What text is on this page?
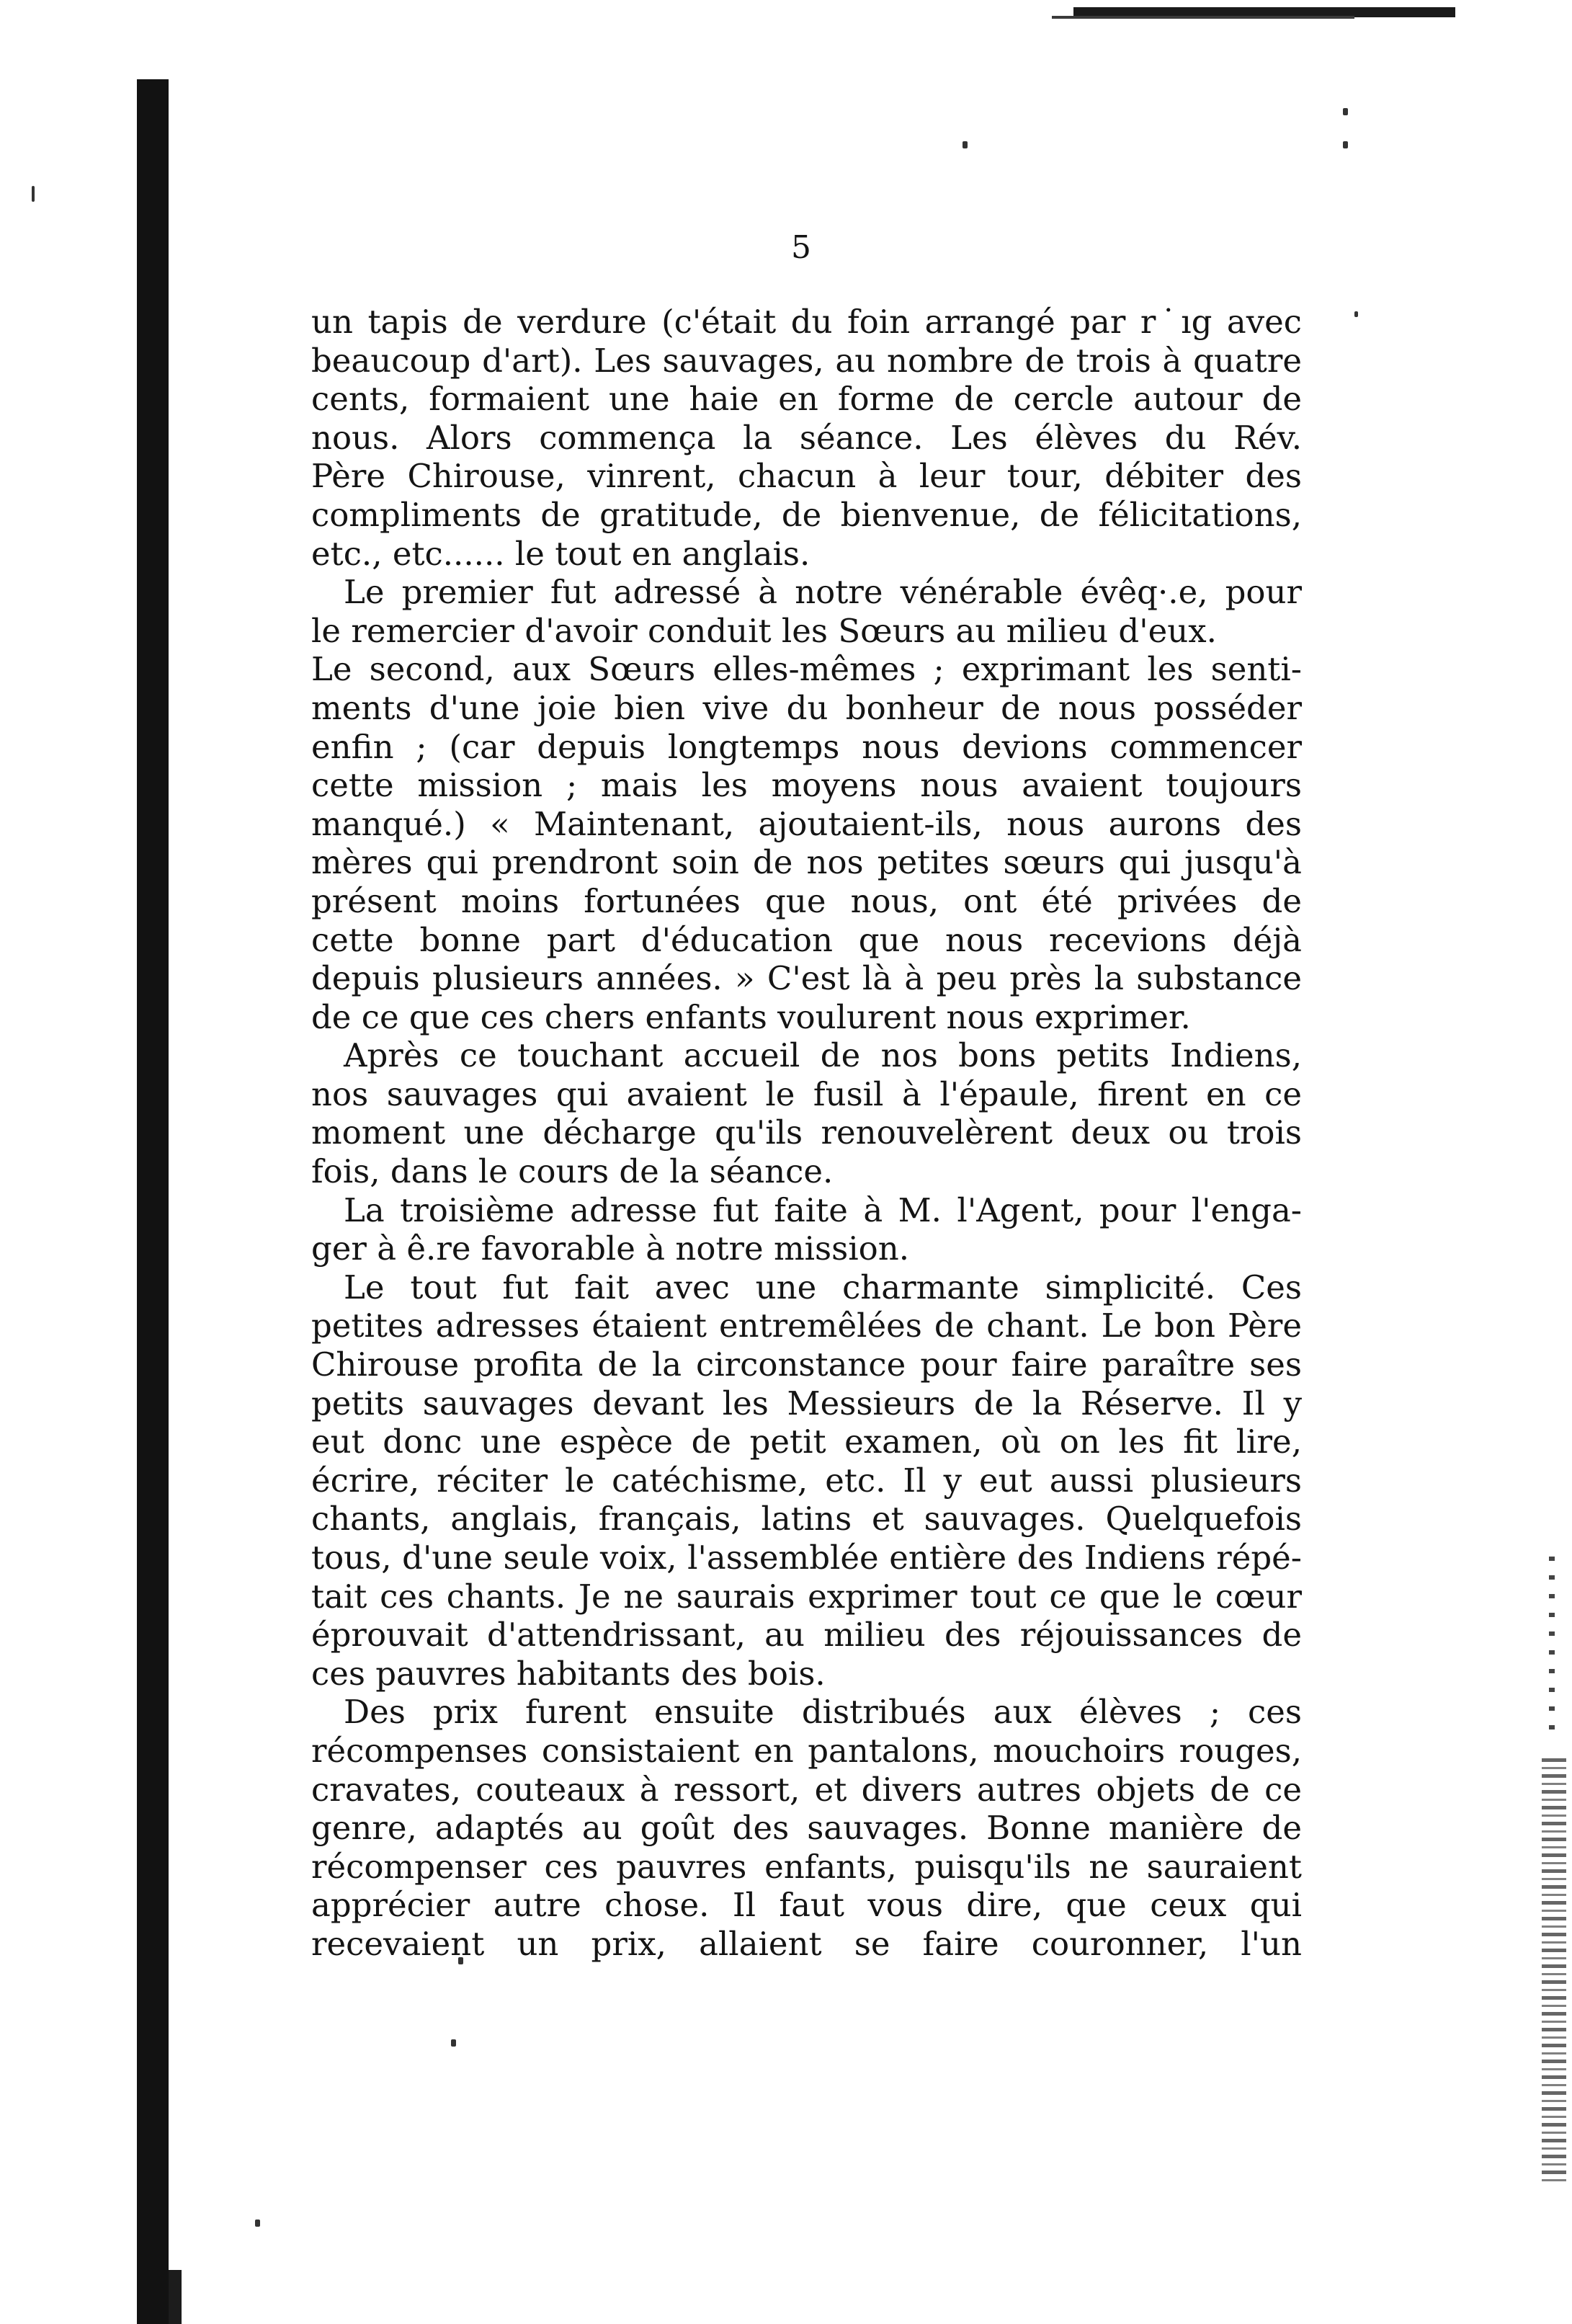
5

un tapis de verdure (c'était du foin arrangé par r˙ıg avec
beaucoup d'art). Les sauvages, au nombre de trois à quatre
cents, formaient une haie en forme de cercle autour de
nous. Alors commença la séance. Les élèves du Rév.
Père Chirouse, vinrent, chacun à leur tour, débiter des
compliments de gratitude, de bienvenue, de félicitations,
etc., etc...... le tout en anglais.
Le premier fut adressé à notre vénérable évêq·.e, pour
le remercier d'avoir conduit les Sœurs au milieu d'eux.
Le second, aux Sœurs elles-mêmes ; exprimant les senti-
ments d'une joie bien vive du bonheur de nous posséder
enfin ; (car depuis longtemps nous devions commencer
cette mission ; mais les moyens nous avaient toujours
manqué.) « Maintenant, ajoutaient-ils, nous aurons des
mères qui prendront soin de nos petites sœurs qui jusqu'à
présent moins fortunées que nous, ont été privées de
cette bonne part d'éducation que nous recevions déjà
depuis plusieurs années. » C'est là à peu près la substance
de ce que ces chers enfants voulurent nous exprimer.
Après ce touchant accueil de nos bons petits Indiens,
nos sauvages qui avaient le fusil à l'épaule, firent en ce
moment une décharge qu'ils renouvelèrent deux ou trois
fois, dans le cours de la séance.
La troisième adresse fut faite à M. l'Agent, pour l'enga-
ger à ê.re favorable à notre mission.
Le tout fut fait avec une charmante simplicité. Ces
petites adresses étaient entremêlées de chant. Le bon Père
Chirouse profita de la circonstance pour faire paraître ses
petits sauvages devant les Messieurs de la Réserve. Il y
eut donc une espèce de petit examen, où on les fit lire,
écrire, réciter le catéchisme, etc. Il y eut aussi plusieurs
chants, anglais, français, latins et sauvages. Quelquefois
tous, d'une seule voix, l'assemblée entière des Indiens répé-
tait ces chants. Je ne saurais exprimer tout ce que le cœur
éprouvait d'attendrissant, au milieu des réjouissances de
ces pauvres habitants des bois.
Des prix furent ensuite distribués aux élèves ; ces
récompenses consistaient en pantalons, mouchoirs rouges,
cravates, couteaux à ressort, et divers autres objets de ce
genre, adaptés au goût des sauvages. Bonne manière de
récompenser ces pauvres enfants, puisqu'ils ne sauraient
apprécier autre chose. Il faut vous dire, que ceux qui
recevaient un prix, allaient se faire couronner, l'un
